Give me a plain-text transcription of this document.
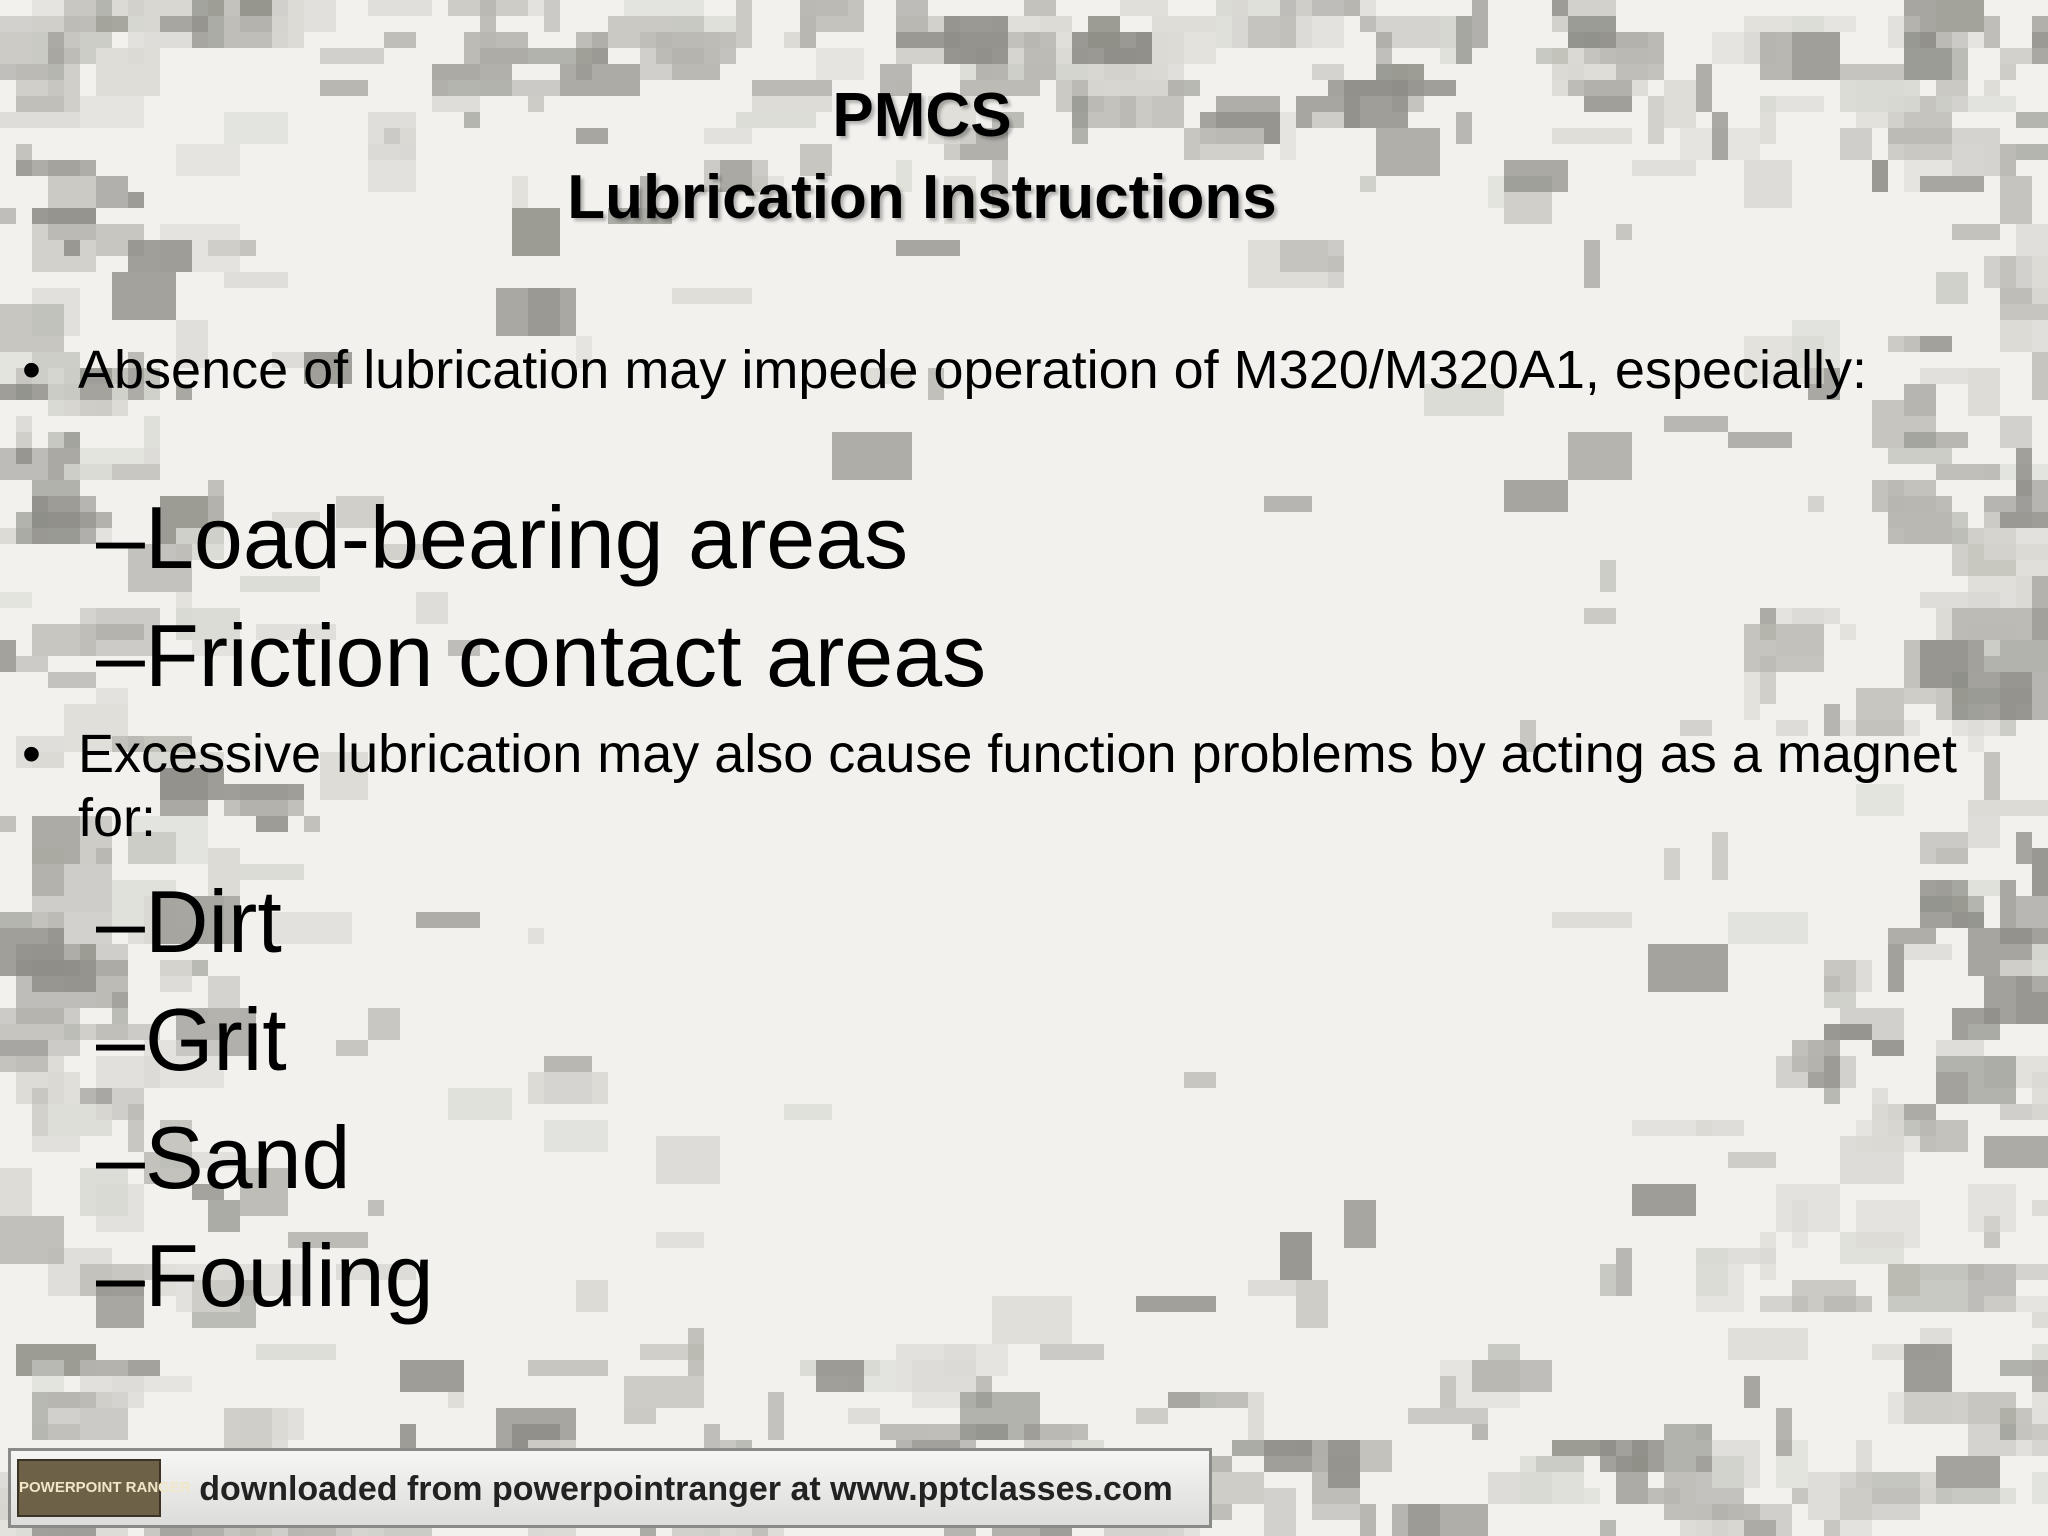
PMCS
Lubrication Instructions
• Absence of lubrication may impede operation of M320/M320A1, especially:
–Load-bearing areas
–Friction contact areas
• Excessive lubrication may also cause function problems by acting as a magnet for:
–Dirt
–Grit
–Sand
–Fouling
POWERPOINT RANGER downloaded from powerpointranger at www.pptclasses.com
